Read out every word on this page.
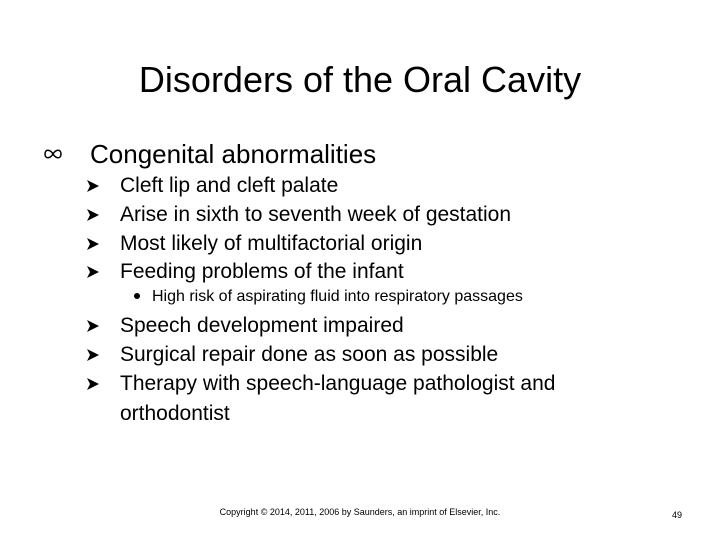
Disorders of the Oral Cavity
Congenital abnormalities
Cleft lip and cleft palate
Arise in sixth to seventh week of gestation
Most likely of multifactorial origin
Feeding problems of the infant
High risk of aspirating fluid into respiratory passages
Speech development impaired
Surgical repair done as soon as possible
Therapy with speech-language pathologist and orthodontist
Copyright © 2014, 2011, 2006 by Saunders, an imprint of Elsevier, Inc.	49
